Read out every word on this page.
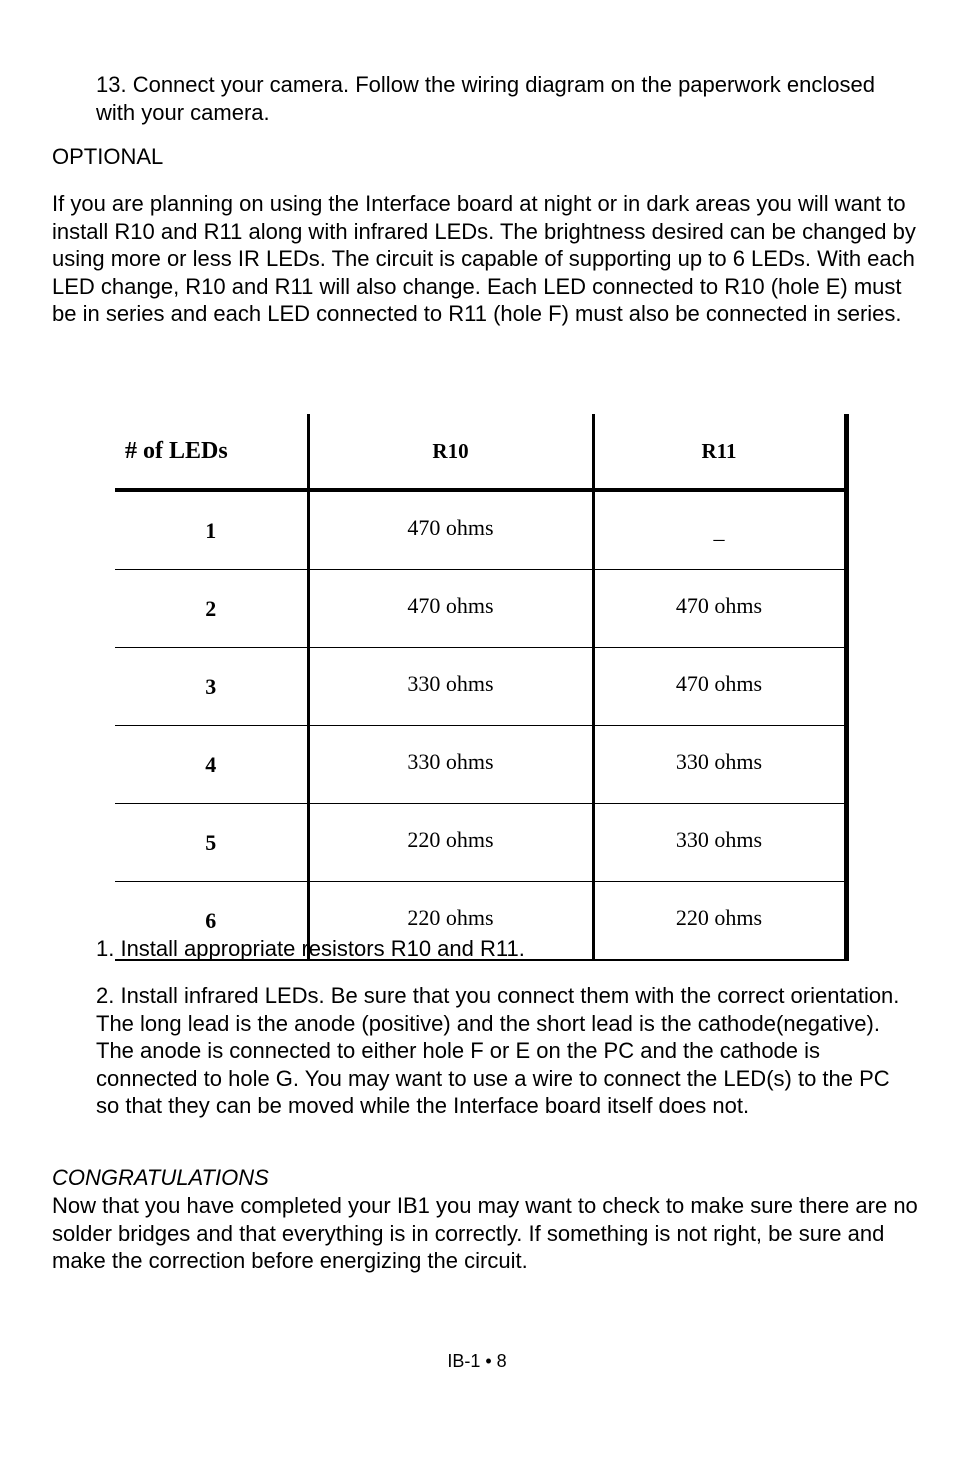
13. Connect your camera. Follow the wiring diagram on the paperwork enclosed with your camera.

OPTIONAL

If you are planning on using the Interface board at night or in dark areas you will want to install R10 and R11 along with infrared LEDs. The brightness desired can be changed by using more or less IR LEDs. The circuit is capable of supporting up to 6 LEDs. With each LED change, R10 and R11 will also change. Each LED connected to R10 (hole E) must be in series and each LED connected to R11 (hole F) must also be connected in series.

# of LEDs	R10	R11
1	470 ohms	_
2	470 ohms	470 ohms
3	330 ohms	470 ohms
4	330 ohms	330 ohms
5	220 ohms	330 ohms
6	220 ohms	220 ohms

1. Install appropriate resistors R10 and R11.

2. Install infrared LEDs. Be sure that you connect them with the correct orientation. The long lead is the anode (positive) and the short lead is the cathode(negative). The anode is connected to either hole F or E on the PC and the cathode is connected to hole G. You may want to use a wire to connect the LED(s) to the PC so that they can be moved while the Interface board itself does not.

CONGRATULATIONS

Now that you have completed your IB1 you may want to check to make sure there are no solder bridges and that everything is in correctly. If something is not right, be sure and make the correction before energizing the circuit.

IB-1 • 8
